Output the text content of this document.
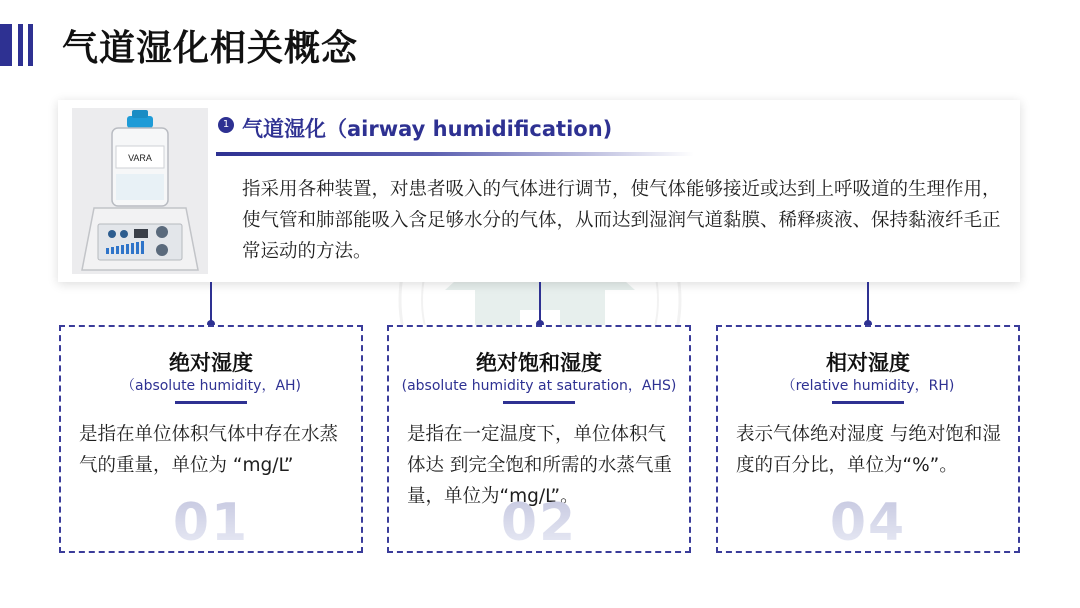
气道湿化相关概念
VARA
1 气道湿化（airway humidification)
指采用各种装置，对患者吸入的气体进行调节，使气体能够接近或达到上呼吸道的生理作用，使气管和肺部能吸入含足够水分的气体，从而达到湿润气道黏膜、稀释痰液、保持黏液纤毛正常运动的方法。
绝对湿度
（absolute humidity，AH)
是指在单位体积气体中存在水蒸气的重量，单位为 “mg/L”
01
绝对饱和湿度
(absolute humidity at saturation，AHS)
是指在一定温度下，单位体积气体达 到完全饱和所需的水蒸气重
02
相对湿度
（relative humidity，RH)
表示气体绝对湿度 与绝对饱和湿度的百分比，单位为“%”。
04
